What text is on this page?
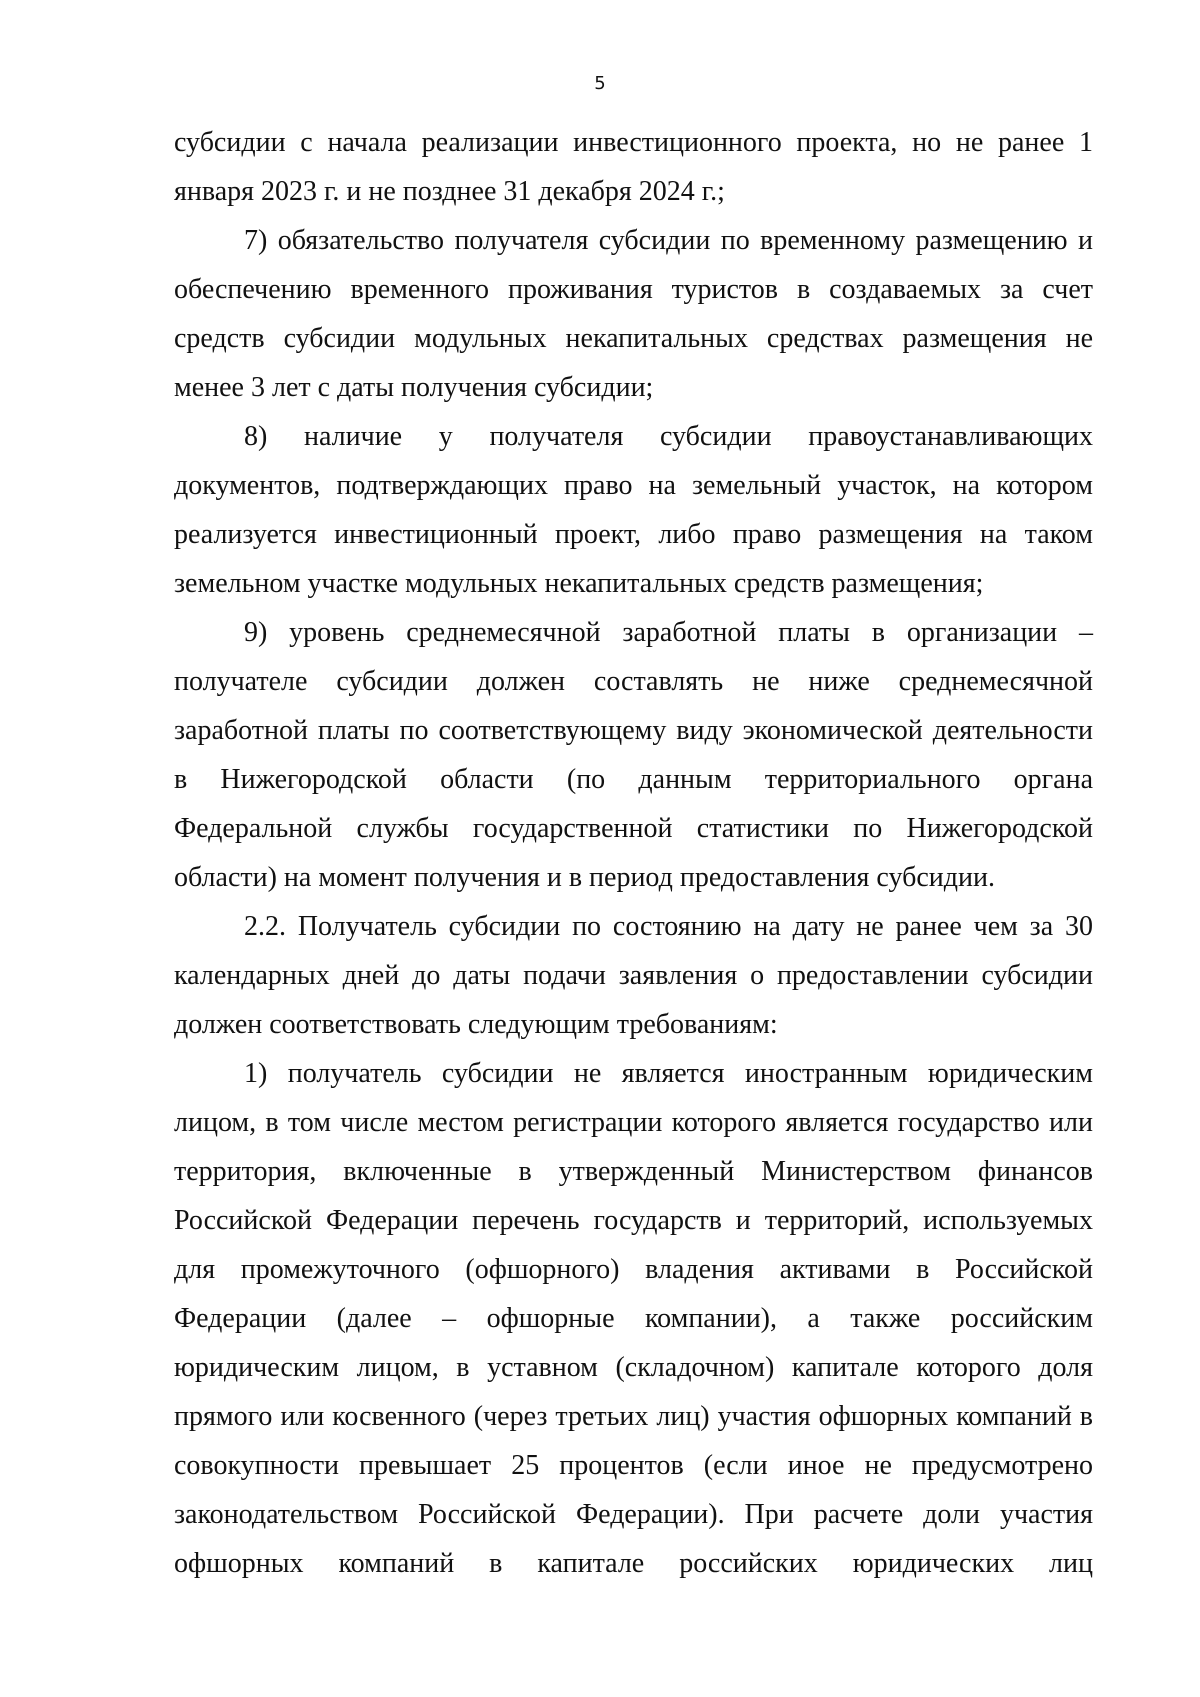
5

субсидии с начала реализации инвестиционного проекта, но не ранее 1 января 2023 г. и не позднее 31 декабря 2024 г.;

7) обязательство получателя субсидии по временному размещению и обеспечению временного проживания туристов в создаваемых за счет средств субсидии модульных некапитальных средствах размещения не менее 3 лет с даты получения субсидии;

8) наличие у получателя субсидии правоустанавливающих документов, подтверждающих право на земельный участок, на котором реализуется инвестиционный проект, либо право размещения на таком земельном участке модульных некапитальных средств размещения;

9) уровень среднемесячной заработной платы в организации – получателе субсидии должен составлять не ниже среднемесячной заработной платы по соответствующему виду экономической деятельности в Нижегородской области (по данным территориального органа Федеральной службы государственной статистики по Нижегородской области) на момент получения и в период предоставления субсидии.

2.2. Получатель субсидии по состоянию на дату не ранее чем за 30 календарных дней до даты подачи заявления о предоставлении субсидии должен соответствовать следующим требованиям:

1) получатель субсидии не является иностранным юридическим лицом, в том числе местом регистрации которого является государство или территория, включенные в утвержденный Министерством финансов Российской Федерации перечень государств и территорий, используемых для промежуточного (офшорного) владения активами в Российской Федерации (далее – офшорные компании), а также российским юридическим лицом, в уставном (складочном) капитале которого доля прямого или косвенного (через третьих лиц) участия офшорных компаний в совокупности превышает 25 процентов (если иное не предусмотрено законодательством Российской Федерации). При расчете доли участия офшорных компаний в капитале российских юридических лиц
